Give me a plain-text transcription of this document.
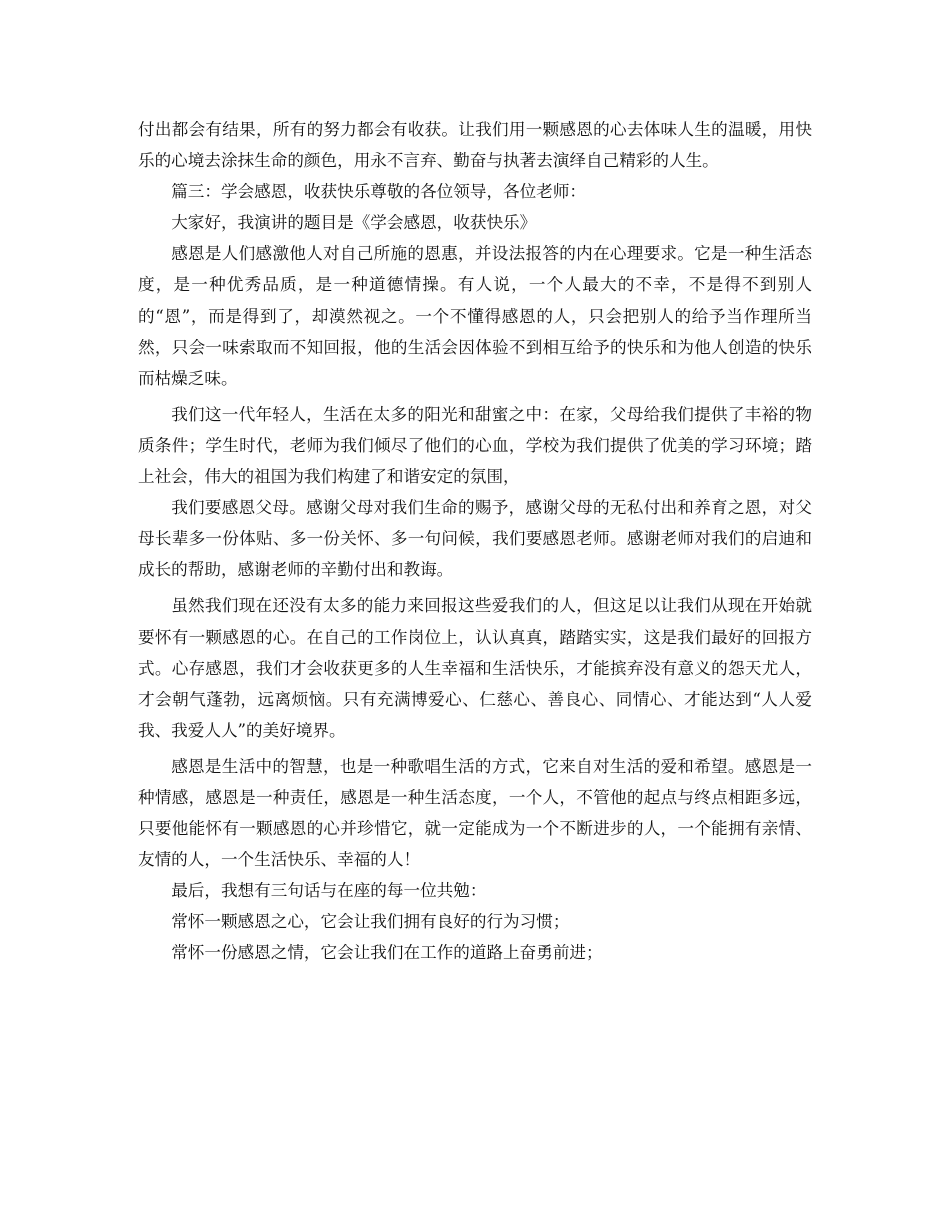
付出都会有结果，所有的努力都会有收获。让我们用一颗感恩的心去体味人生的温暖，用快乐的心境去涂抹生命的颜色，用永不言弃、勤奋与执著去演绎自己精彩的人生。

篇三：学会感恩，收获快乐尊敬的各位领导，各位老师：

大家好，我演讲的题目是《学会感恩，收获快乐》

感恩是人们感激他人对自己所施的恩惠，并设法报答的内在心理要求。它是一种生活态度，是一种优秀品质，是一种道德情操。有人说，一个人最大的不幸，不是得不到别人的“恩”，而是得到了，却漠然视之。一个不懂得感恩的人，只会把别人的给予当作理所当然，只会一味索取而不知回报，他的生活会因体验不到相互给予的快乐和为他人创造的快乐而枯燥乏味。

我们这一代年轻人，生活在太多的阳光和甜蜜之中：在家，父母给我们提供了丰裕的物质条件；学生时代，老师为我们倾尽了他们的心血，学校为我们提供了优美的学习环境；踏上社会，伟大的祖国为我们构建了和谐安定的氛围，

我们要感恩父母。感谢父母对我们生命的赐予，感谢父母的无私付出和养育之恩，对父母长辈多一份体贴、多一份关怀、多一句问候，我们要感恩老师。感谢老师对我们的启迪和成长的帮助，感谢老师的辛勤付出和教诲。

虽然我们现在还没有太多的能力来回报这些爱我们的人，但这足以让我们从现在开始就要怀有一颗感恩的心。在自己的工作岗位上，认认真真，踏踏实实，这是我们最好的回报方式。心存感恩，我们才会收获更多的人生幸福和生活快乐，才能摈弃没有意义的怨天尤人，才会朝气蓬勃，远离烦恼。只有充满博爱心、仁慈心、善良心、同情心、才能达到“人人爱我、我爱人人”的美好境界。

感恩是生活中的智慧，也是一种歌唱生活的方式，它来自对生活的爱和希望。感恩是一种情感，感恩是一种责任，感恩是一种生活态度，一个人，不管他的起点与终点相距多远，只要他能怀有一颗感恩的心并珍惜它，就一定能成为一个不断进步的人，一个能拥有亲情、友情的人，一个生活快乐、幸福的人！

最后，我想有三句话与在座的每一位共勉：

常怀一颗感恩之心，它会让我们拥有良好的行为习惯；

常怀一份感恩之情，它会让我们在工作的道路上奋勇前进；
